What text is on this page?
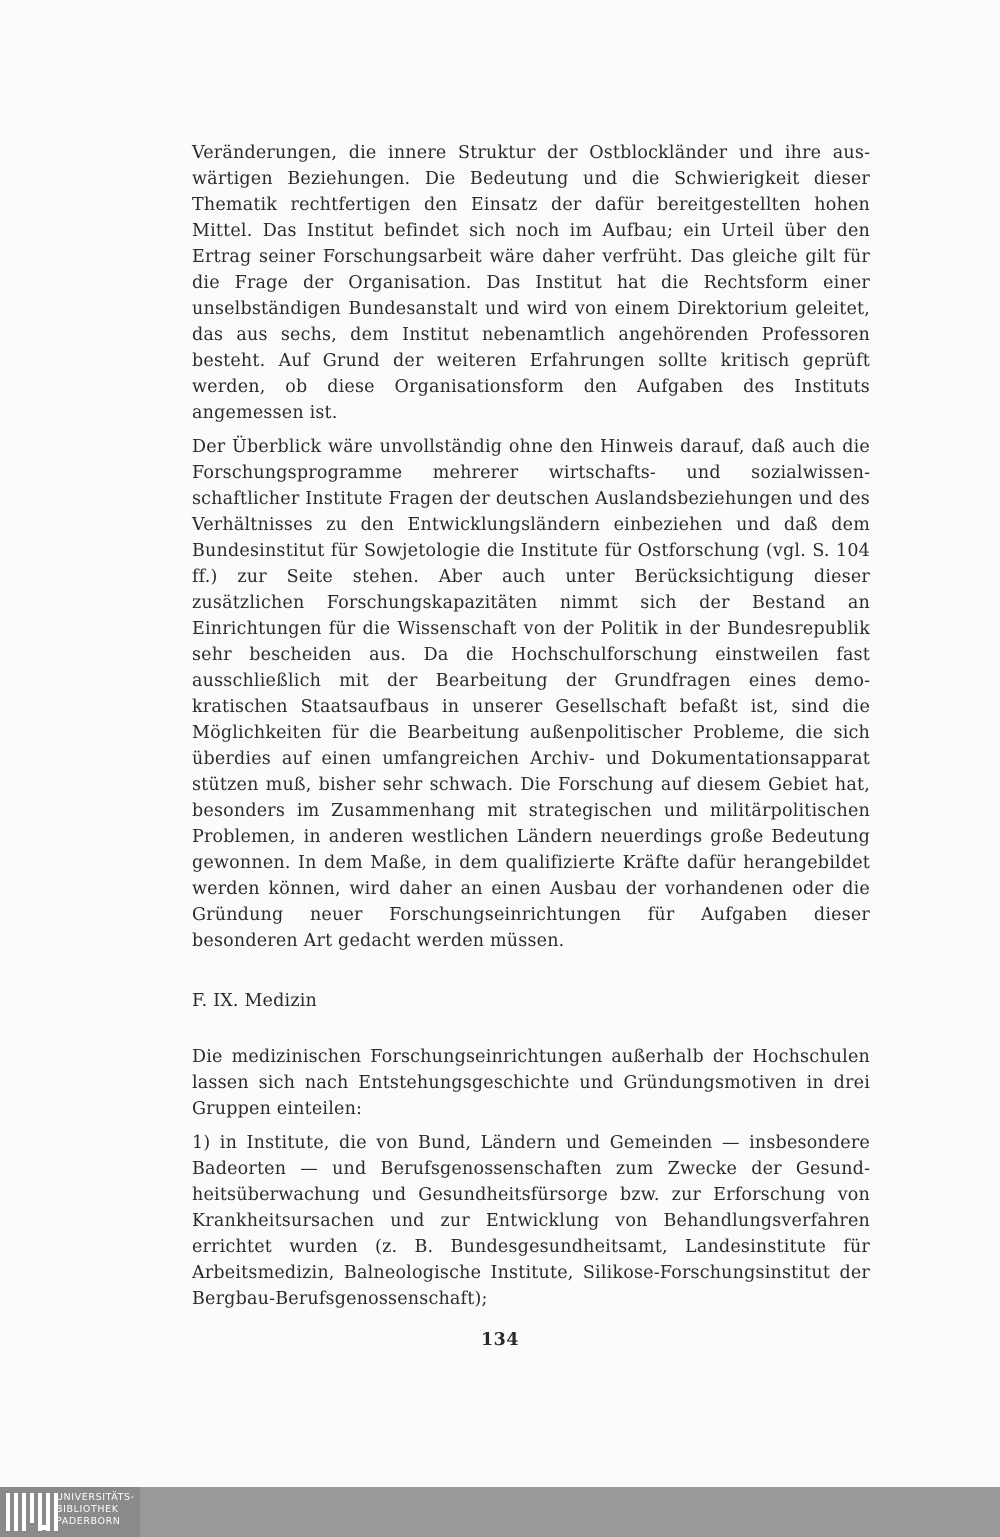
Veränderungen, die innere Struktur der Ostblockländer und ihre auswärtigen Beziehungen. Die Bedeutung und die Schwierigkeit dieser Thematik rechtfertigen den Einsatz der dafür bereitgestellten hohen Mittel. Das Institut befindet sich noch im Aufbau; ein Urteil über den Ertrag seiner Forschungsarbeit wäre daher verfrüht. Das gleiche gilt für die Frage der Organisation. Das Institut hat die Rechtsform einer unselbständigen Bundesanstalt und wird von einem Direktorium geleitet, das aus sechs, dem Institut nebenamtlich angehörenden Professoren besteht. Auf Grund der weiteren Erfahrungen sollte kritisch geprüft werden, ob diese Organisationsform den Aufgaben des Instituts angemessen ist.

Der Überblick wäre unvollständig ohne den Hinweis darauf, daß auch die Forschungsprogramme mehrerer wirtschafts- und sozialwissenschaftlicher Institute Fragen der deutschen Auslandsbeziehungen und des Verhältnisses zu den Entwicklungsländern einbeziehen und daß dem Bundesinstitut für Sowjetologie die Institute für Ostforschung (vgl. S. 104 ff.) zur Seite stehen. Aber auch unter Berücksichtigung dieser zusätzlichen Forschungskapazitäten nimmt sich der Bestand an Einrichtungen für die Wissenschaft von der Politik in der Bundesrepublik sehr bescheiden aus. Da die Hochschulforschung einstweilen fast ausschließlich mit der Bearbeitung der Grundfragen eines demokratischen Staatsaufbaus in unserer Gesellschaft befaßt ist, sind die Möglichkeiten für die Bearbeitung außenpolitischer Probleme, die sich überdies auf einen umfangreichen Archiv- und Dokumentationsapparat stützen muß, bisher sehr schwach. Die Forschung auf diesem Gebiet hat, besonders im Zusammenhang mit strategischen und militärpolitischen Problemen, in anderen westlichen Ländern neuerdings große Bedeutung gewonnen. In dem Maße, in dem qualifizierte Kräfte dafür herangebildet werden können, wird daher an einen Ausbau der vorhandenen oder die Gründung neuer Forschungseinrichtungen für Aufgaben dieser besonderen Art gedacht werden müssen.

F. IX. Medizin

Die medizinischen Forschungseinrichtungen außerhalb der Hochschulen lassen sich nach Entstehungsgeschichte und Gründungsmotiven in drei Gruppen einteilen:

1) in Institute, die von Bund, Ländern und Gemeinden — insbesondere Badeorten — und Berufsgenossenschaften zum Zwecke der Gesundheitsüberwachung und Gesundheitsfürsorge bzw. zur Erforschung von Krankheitsursachen und zur Entwicklung von Behandlungsverfahren errichtet wurden (z. B. Bundesgesundheitsamt, Landesinstitute für Arbeitsmedizin, Balneologische Institute, Silikose-Forschungsinstitut der Bergbau-Berufsgenossenschaft);

134
UNIVERSITÄTS-
BIBLIOTHEK
PADERBORN
